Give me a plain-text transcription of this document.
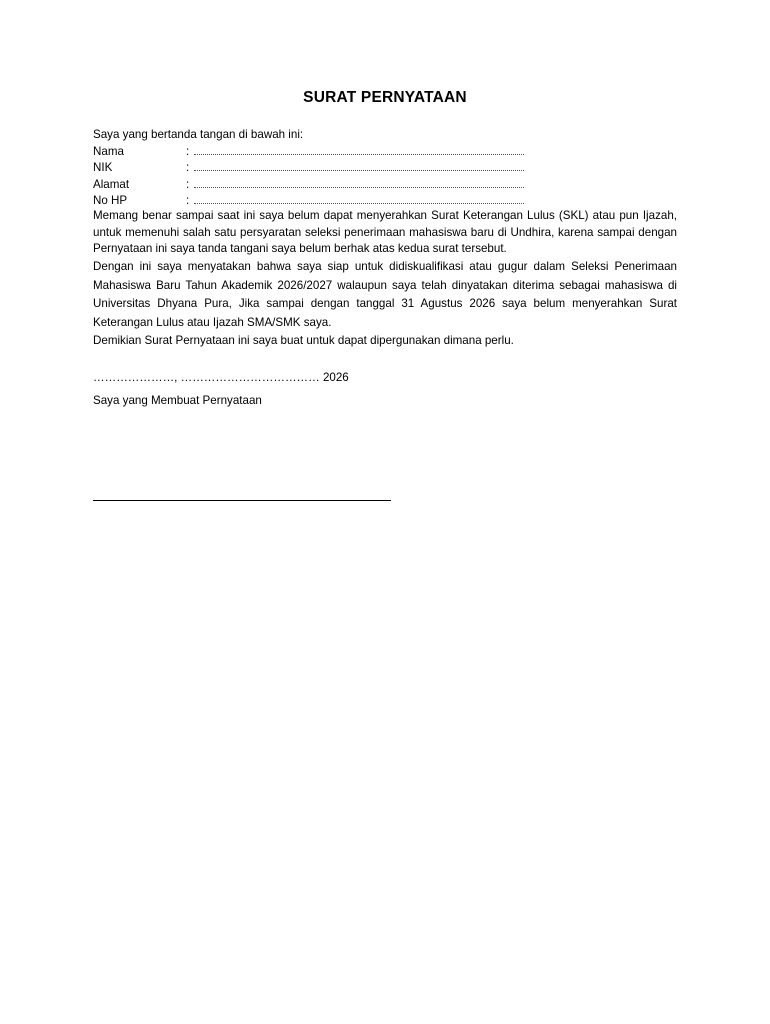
SURAT PERNYATAAN
Saya yang bertanda tangan di bawah ini:
Nama	:
NIK	:
Alamat	:
No HP	:
Memang benar sampai saat ini saya belum dapat menyerahkan Surat Keterangan Lulus (SKL) atau pun Ijazah, untuk memenuhi salah satu persyaratan seleksi penerimaan mahasiswa baru di Undhira, karena sampai dengan Pernyataan ini saya tanda tangani saya belum berhak atas kedua surat tersebut.
Dengan ini saya menyatakan bahwa saya siap untuk didiskualifikasi atau gugur dalam Seleksi Penerimaan Mahasiswa Baru Tahun Akademik 2026/2027 walaupun saya telah dinyatakan diterima sebagai mahasiswa di Universitas Dhyana Pura, Jika sampai dengan tanggal 31 Agustus 2026 saya belum menyerahkan Surat Keterangan Lulus atau Ijazah SMA/SMK saya.
Demikian Surat Pernyataan ini saya buat untuk dapat dipergunakan dimana perlu.
…………………, ……………………………… 2026
Saya yang Membuat Pernyataan
